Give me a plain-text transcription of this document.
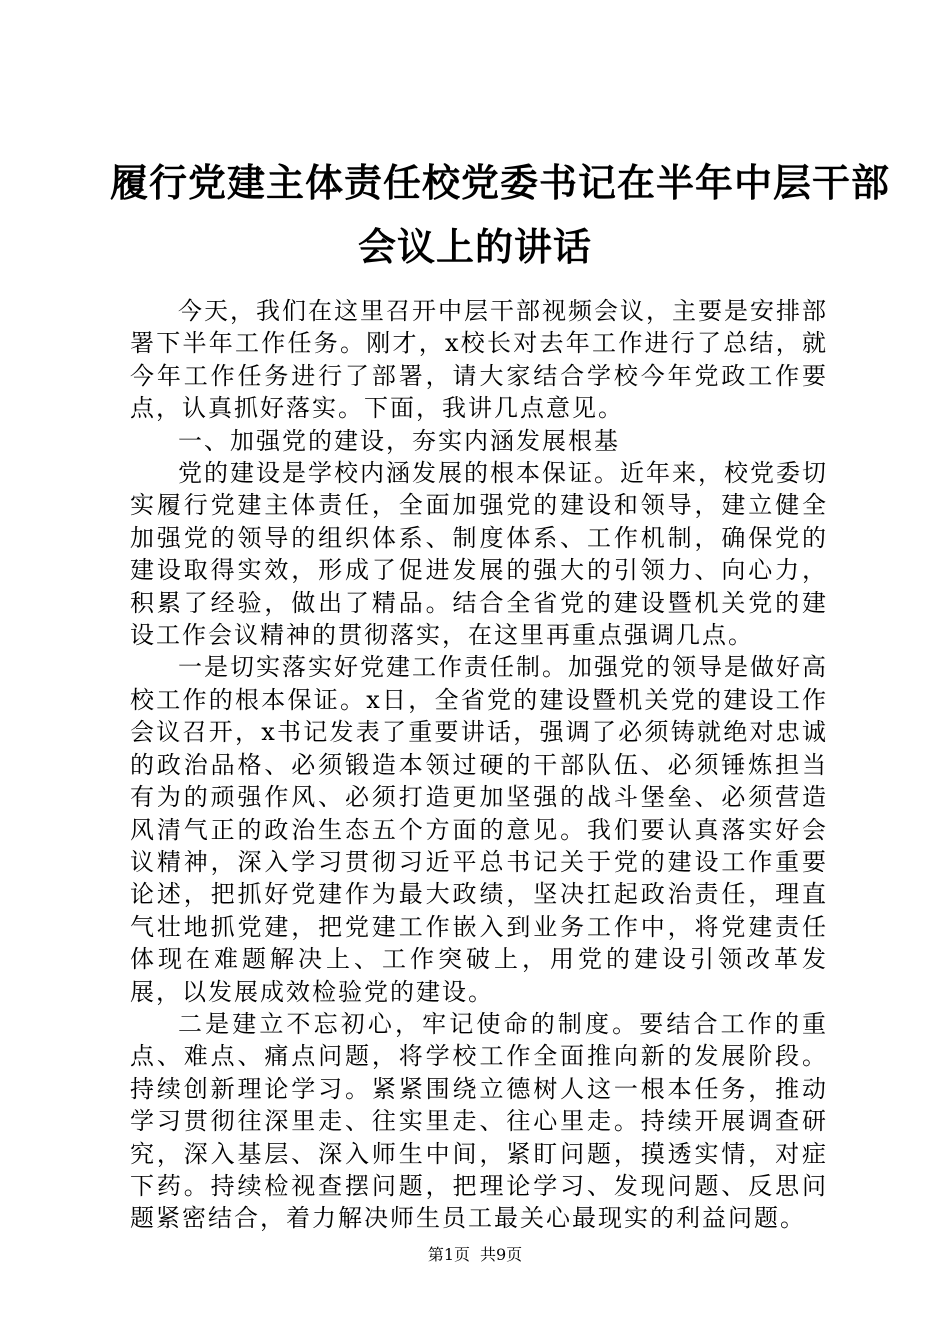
履行党建主体责任校党委书记在半年中层干部
会议上的讲话

今天，我们在这里召开中层干部视频会议，主要是安排部署下半年工作任务。刚才，x校长对去年工作进行了总结，就今年工作任务进行了部署，请大家结合学校今年党政工作要点，认真抓好落实。下面，我讲几点意见。

一、加强党的建设，夯实内涵发展根基

党的建设是学校内涵发展的根本保证。近年来，校党委切实履行党建主体责任，全面加强党的建设和领导，建立健全加强党的领导的组织体系、制度体系、工作机制，确保党的建设取得实效，形成了促进发展的强大的引领力、向心力，积累了经验，做出了精品。结合全省党的建设暨机关党的建设工作会议精神的贯彻落实，在这里再重点强调几点。

一是切实落实好党建工作责任制。加强党的领导是做好高校工作的根本保证。x日，全省党的建设暨机关党的建设工作会议召开，x书记发表了重要讲话，强调了必须铸就绝对忠诚的政治品格、必须锻造本领过硬的干部队伍、必须锤炼担当有为的顽强作风、必须打造更加坚强的战斗堡垒、必须营造风清气正的政治生态五个方面的意见。我们要认真落实好会议精神，深入学习贯彻习近平总书记关于党的建设工作重要论述，把抓好党建作为最大政绩，坚决扛起政治责任，理直气壮地抓党建，把党建工作嵌入到业务工作中，将党建责任体现在难题解决上、工作突破上，用党的建设引领改革发展，以发展成效检验党的建设。

二是建立不忘初心，牢记使命的制度。要结合工作的重点、难点、痛点问题，将学校工作全面推向新的发展阶段。持续创新理论学习。紧紧围绕立德树人这一根本任务，推动学习贯彻往深里走、往实里走、往心里走。持续开展调查研究，深入基层、深入师生中间，紧盯问题，摸透实情，对症下药。持续检视查摆问题，把理论学习、发现问题、反思问题紧密结合，着力解决师生员工最关心最现实的利益问题。

第1页 共9页
